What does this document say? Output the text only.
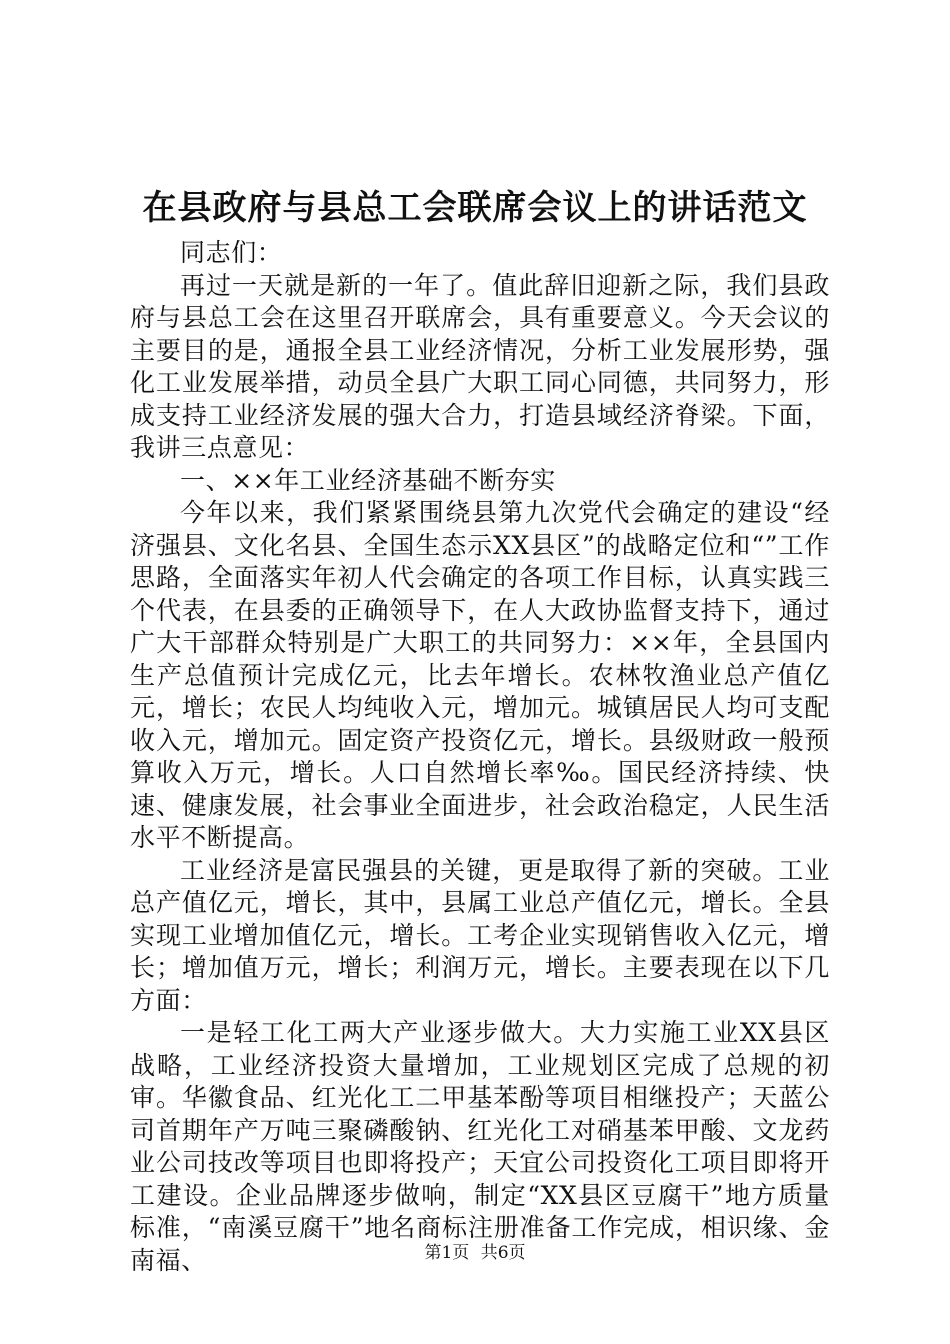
在县政府与县总工会联席会议上的讲话范文

同志们：

再过一天就是新的一年了。值此辞旧迎新之际，我们县政府与县总工会在这里召开联席会，具有重要意义。今天会议的主要目的是，通报全县工业经济情况，分析工业发展形势，强化工业发展举措，动员全县广大职工同心同德，共同努力，形成支持工业经济发展的强大合力，打造县域经济脊梁。下面，我讲三点意见：

一、××年工业经济基础不断夯实

今年以来，我们紧紧围绕县第九次党代会确定的建设“经济强县、文化名县、全国生态示XX县区”的战略定位和“”工作思路，全面落实年初人代会确定的各项工作目标，认真实践三个代表，在县委的正确领导下，在人大政协监督支持下，通过广大干部群众特别是广大职工的共同努力：××年，全县国内生产总值预计完成亿元，比去年增长。农林牧渔业总产值亿元，增长；农民人均纯收入元，增加元。城镇居民人均可支配收入元，增加元。固定资产投资亿元，增长。县级财政一般预算收入万元，增长。人口自然增长率‰。国民经济持续、快速、健康发展，社会事业全面进步，社会政治稳定，人民生活水平不断提高。

工业经济是富民强县的关键，更是取得了新的突破。工业总产值亿元，增长，其中，县属工业总产值亿元，增长。全县实现工业增加值亿元，增长。工考企业实现销售收入亿元，增长；增加值万元，增长；利润万元，增长。主要表现在以下几方面：

一是轻工化工两大产业逐步做大。大力实施工业XX县区战略，工业经济投资大量增加，工业规划区完成了总规的初审。华徽食品、红光化工二甲基苯酚等项目相继投产；天蓝公司首期年产万吨三聚磷酸钠、红光化工对硝基苯甲酸、文龙药业公司技改等项目也即将投产；天宜公司投资化工项目即将开工建设。企业品牌逐步做响，制定“XX县区豆腐干”地方质量标准，“南溪豆腐干”地名商标注册准备工作完成，相识缘、金南福、	第1页 共6页
